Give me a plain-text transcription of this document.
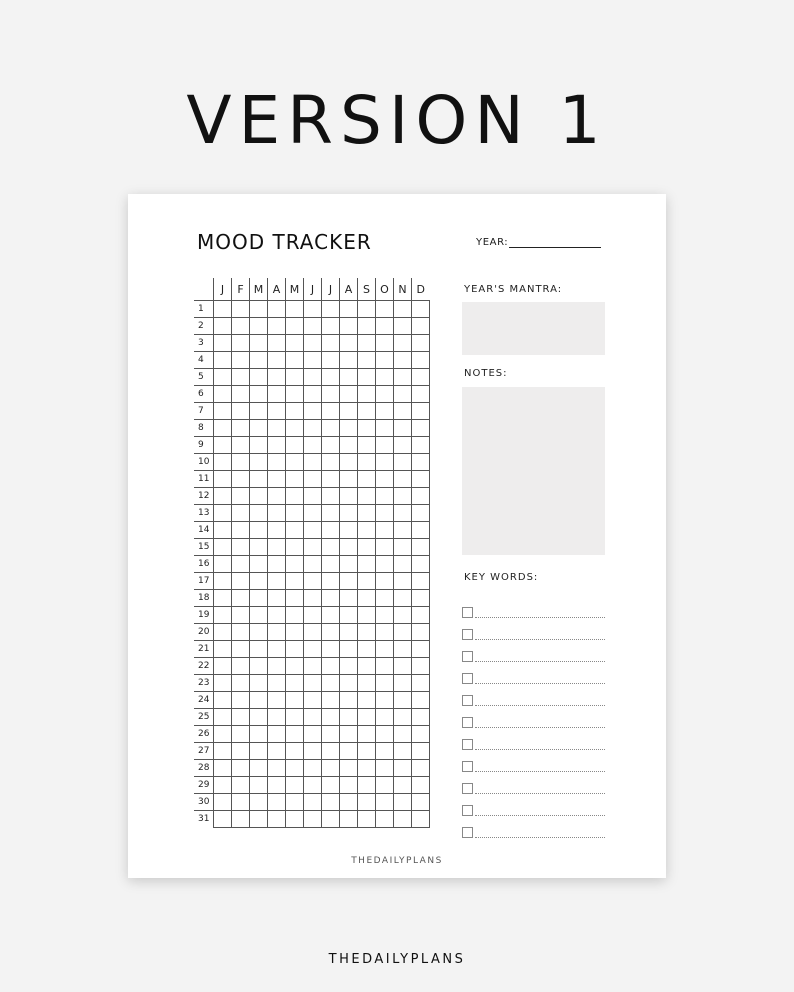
VERSION 1
MOOD TRACKER	YEAR:
	J	F	M	A	M	J	J	A	S	O	N	D
1												
2												
3												
4												
5												
6												
7												
8												
9												
10												
11												
12												
13												
14												
15												
16												
17												
18												
19												
20												
21												
22												
23												
24												
25												
26												
27												
28												
29												
30												
31												
YEAR'S MANTRA:
NOTES:
KEY WORDS:
THEDAILYPLANS
THEDAILYPLANS
